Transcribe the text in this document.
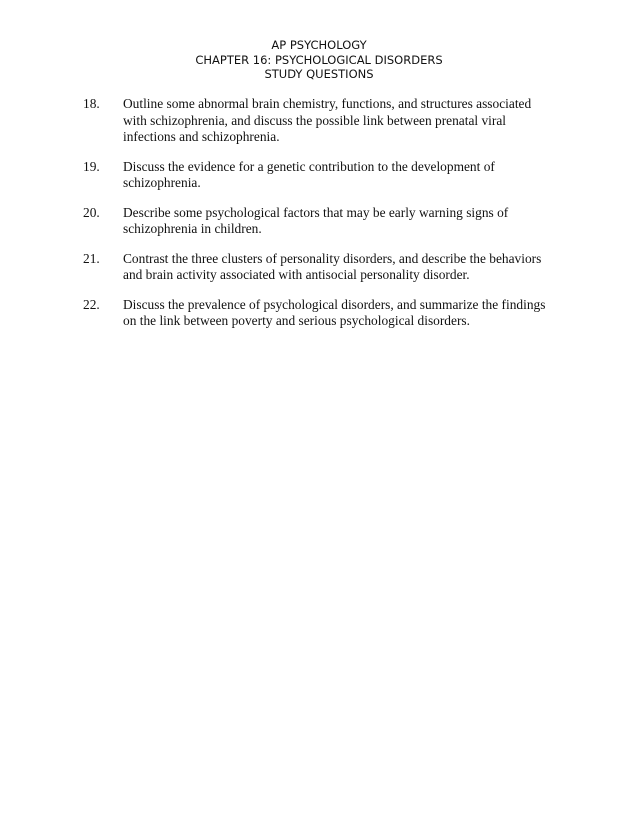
AP PSYCHOLOGY
CHAPTER 16: PSYCHOLOGICAL DISORDERS
STUDY QUESTIONS
18. Outline some abnormal brain chemistry, functions, and structures associated with schizophrenia, and discuss the possible link between prenatal viral infections and schizophrenia.
19. Discuss the evidence for a genetic contribution to the development of schizophrenia.
20. Describe some psychological factors that may be early warning signs of schizophrenia in children.
21. Contrast the three clusters of personality disorders, and describe the behaviors and brain activity associated with antisocial personality disorder.
22. Discuss the prevalence of psychological disorders, and summarize the findings on the link between poverty and serious psychological disorders.
